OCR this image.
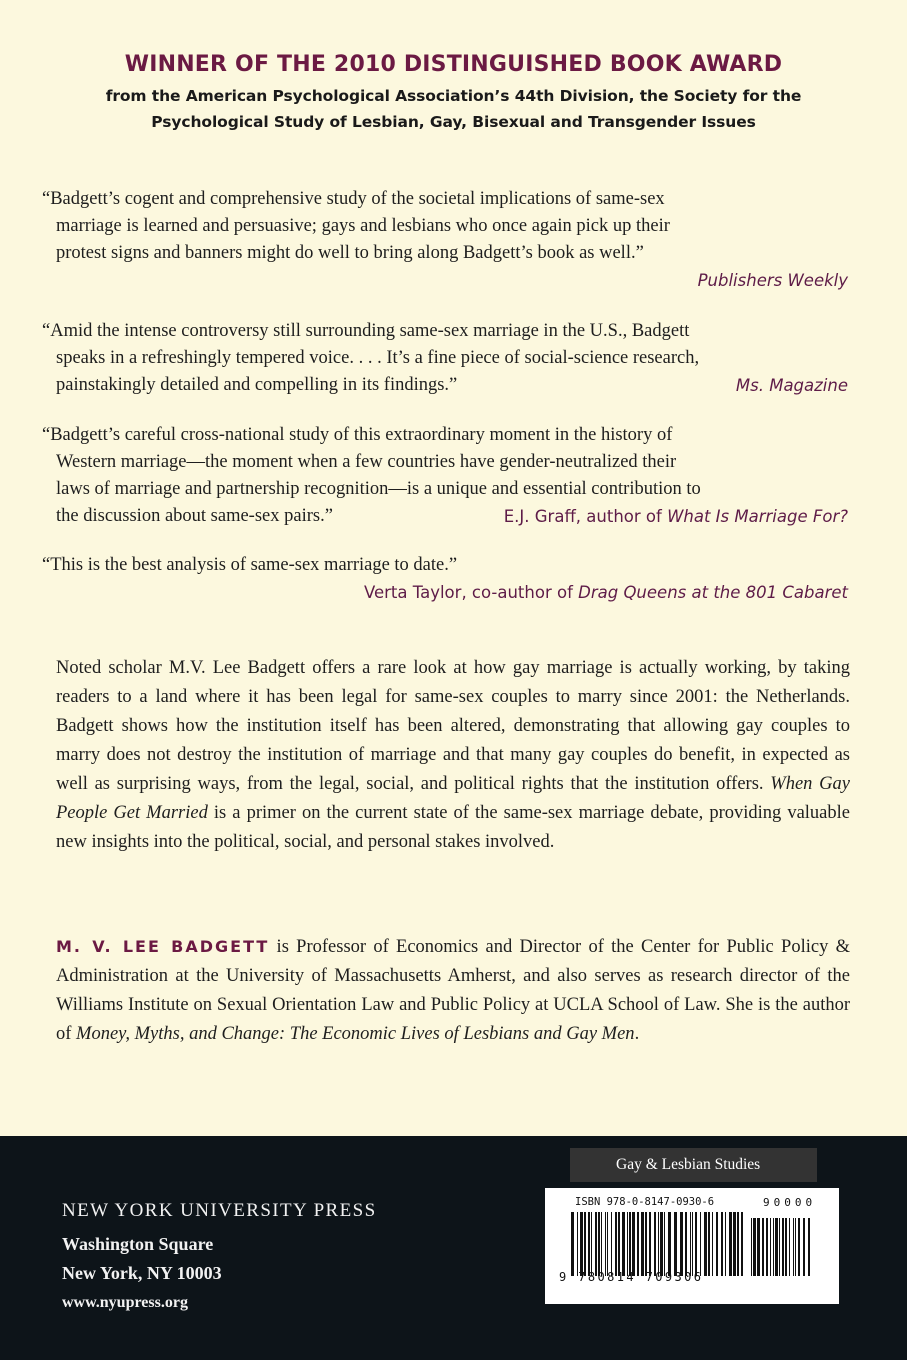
WINNER OF THE 2010 DISTINGUISHED BOOK AWARD
from the American Psychological Association’s 44th Division, the Society for the
Psychological Study of Lesbian, Gay, Bisexual and Transgender Issues
“Badgett’s cogent and comprehensive study of the societal implications of same-sex
marriage is learned and persuasive; gays and lesbians who once again pick up their
protest signs and banners might do well to bring along Badgett’s book as well.”
Publishers Weekly
“Amid the intense controversy still surrounding same-sex marriage in the U.S., Badgett
speaks in a refreshingly tempered voice. . . . It’s a fine piece of social-science research,
painstakingly detailed and compelling in its findings.”	Ms. Magazine
“Badgett’s careful cross-national study of this extraordinary moment in the history of
Western marriage—the moment when a few countries have gender-neutralized their
laws of marriage and partnership recognition—is a unique and essential contribution to
the discussion about same-sex pairs.”	E.J. Graff, author of What Is Marriage For?
“This is the best analysis of same-sex marriage to date.”
Verta Taylor, co-author of Drag Queens at the 801 Cabaret
Noted scholar M.V. Lee Badgett offers a rare look at how gay marriage is actually working, by taking readers to a land where it has been legal for same-sex couples to marry since 2001: the Netherlands. Badgett shows how the institution itself has been altered, demonstrating that allowing gay couples to marry does not destroy the institution of marriage and that many gay couples do benefit, in expected as well as surprising ways, from the legal, social, and political rights that the institution offers. When Gay People Get Married is a primer on the current state of the same-sex marriage debate, providing valuable new insights into the political, social, and personal stakes involved.
M. V. LEE BADGETT is Professor of Economics and Director of the Center for Public Policy & Administration at the University of Massachusetts Amherst, and also serves as research director of the Williams Institute on Sexual Orientation Law and Public Policy at UCLA School of Law. She is the author of Money, Myths, and Change: The Economic Lives of Lesbians and Gay Men.
NEW YORK UNIVERSITY PRESS
Washington Square
New York, NY 10003
www.nyupress.org
Gay & Lesbian Studies
ISBN 978-0-8147-0930-6	90000
9 780814 709306
